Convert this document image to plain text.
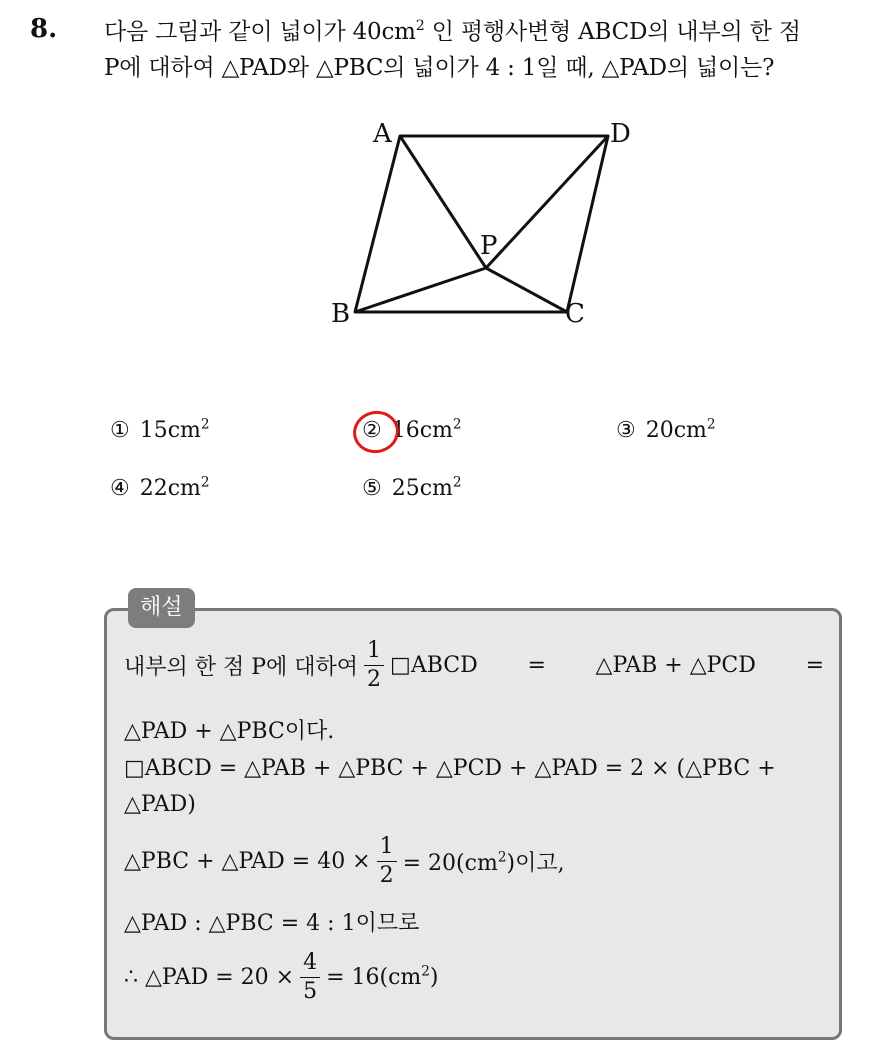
8. 다음 그림과 같이 넓이가 $40cm^2$ 인 평행사변형 ABCD의 내부의 한 점
P에 대하여 △PAD와 △PBC의 넓이가 4 : 1일 때, △PAD의 넓이는?
A	D
B	C
P
① $15cm^2$	② $16cm^2$	③ $20cm^2$
④ $22cm^2$	⑤ $25cm^2$
해설
내부의 한 점 P에 대하여 $\frac{1}{2}$ □ABCD = △PAB + △PCD =
△PAD + △PBC이다.
□ABCD = △PAB + △PBC + △PCD + △PAD = 2 × (△PBC +
△PAD)
△PBC + △PAD = $40 \times \frac{1}{2} = 20(cm^2)$이고,
△PAD : △PBC = 4 : 1이므로
∴ △PAD = $20 \times \frac{4}{5} = 16(cm^2)$
